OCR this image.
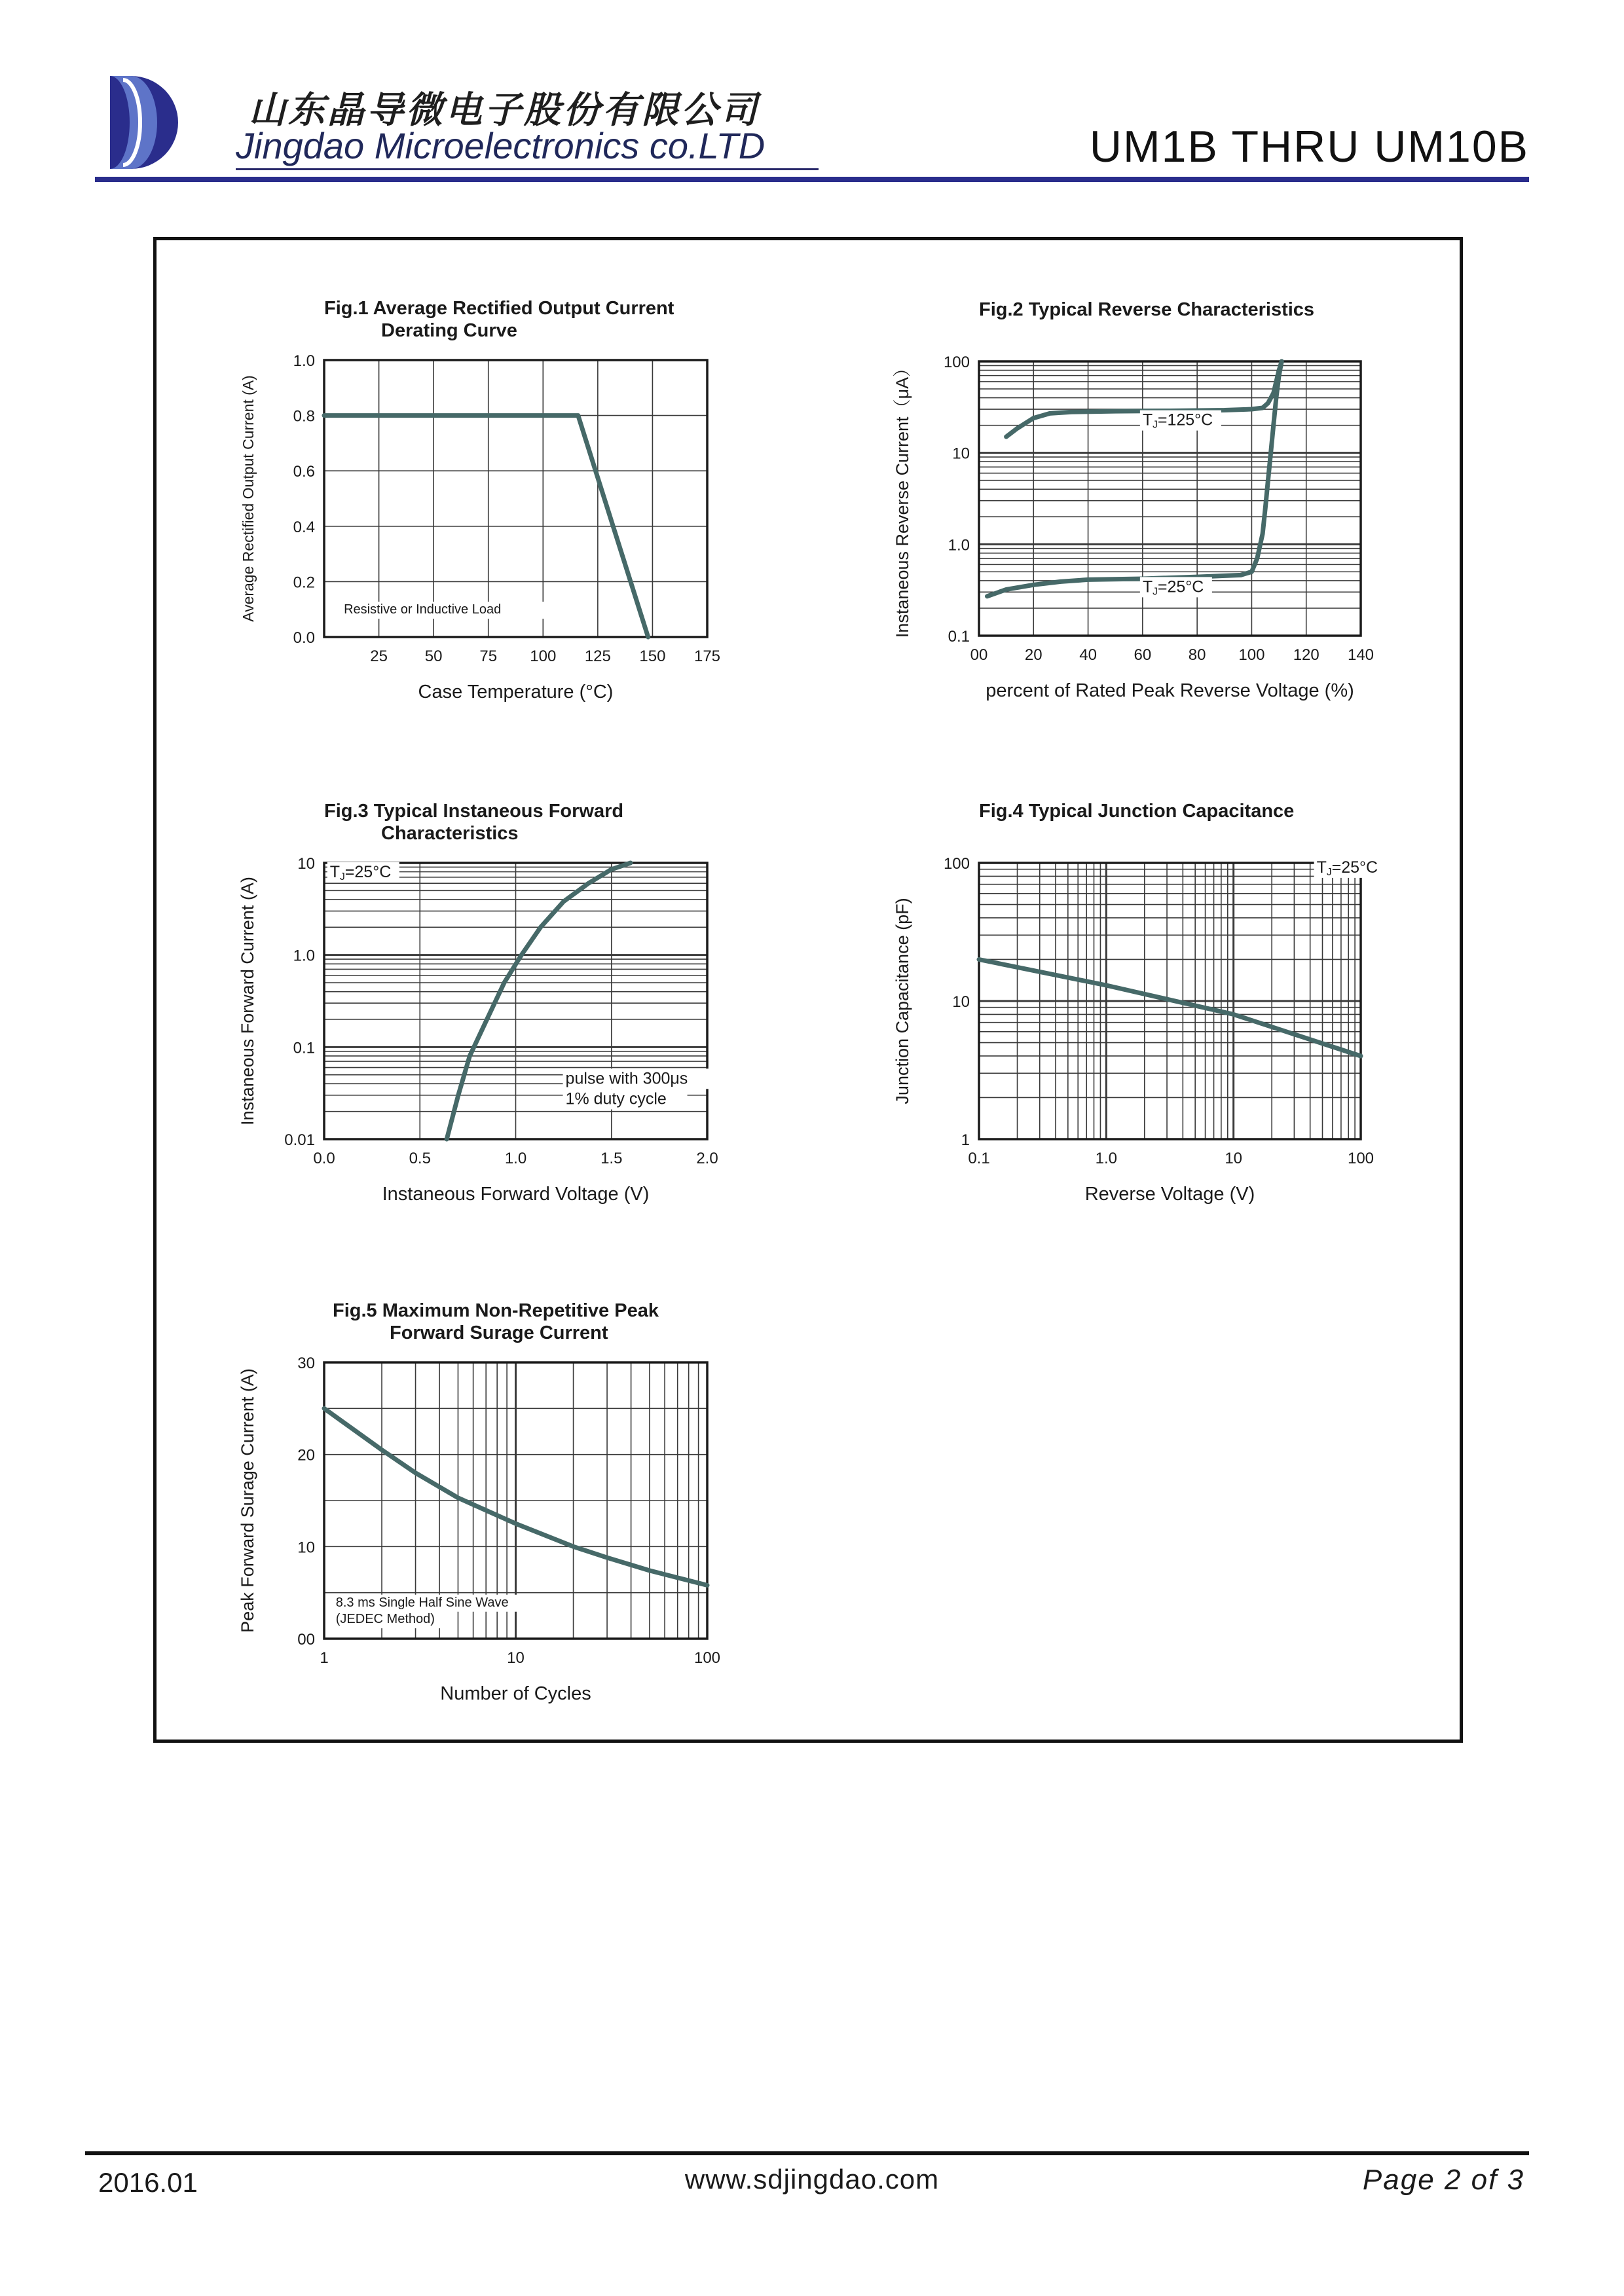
山东晶导微电子股份有限公司
Jingdao Microelectronics co.LTD	UM1B THRU UM10B
Fig.1 Average Rectified Output Current
Derating Curve
25 50 75 100 125 150 175
0.0
0.2
0.4
0.6
0.8
1.0
Case Temperature (°C)
Average Rectified Output Current (A)	Resistive or Inductive Load
Fig.2 Typical Reverse Characteristics
00 20 40 60 80 100 120 140
0.1
1.0
10
100
percent of Rated Peak Reverse Voltage (%)
Instaneous Reverse Current（μA）	TJ=125°C
TJ=25°C
Fig.3 Typical Instaneous Forward
Characteristics
0.0	0.5	1.0	1.5	2.0
0.01
0.1
1.0
10
Instaneous Forward Voltage (V)
Instaneous Forward Current (A)
TJ=25°C
pulse with 300μs
1% duty cycle
Fig.4 Typical Junction Capacitance
0.1	1.0	10	100
1
10
100
Reverse Voltage (V)
Junction Capacitance (pF)
TJ=25°C
Fig.5 Maximum Non-Repetitive Peak
Forward Surage Current
1	10	100
00
10
20
30
Number of Cycles
Peak Forward Surage Current (A)	8.3 ms Single Half Sine Wave
(JEDEC Method)
2016.01	www.sdjingdao.com	Page 2 of 3
